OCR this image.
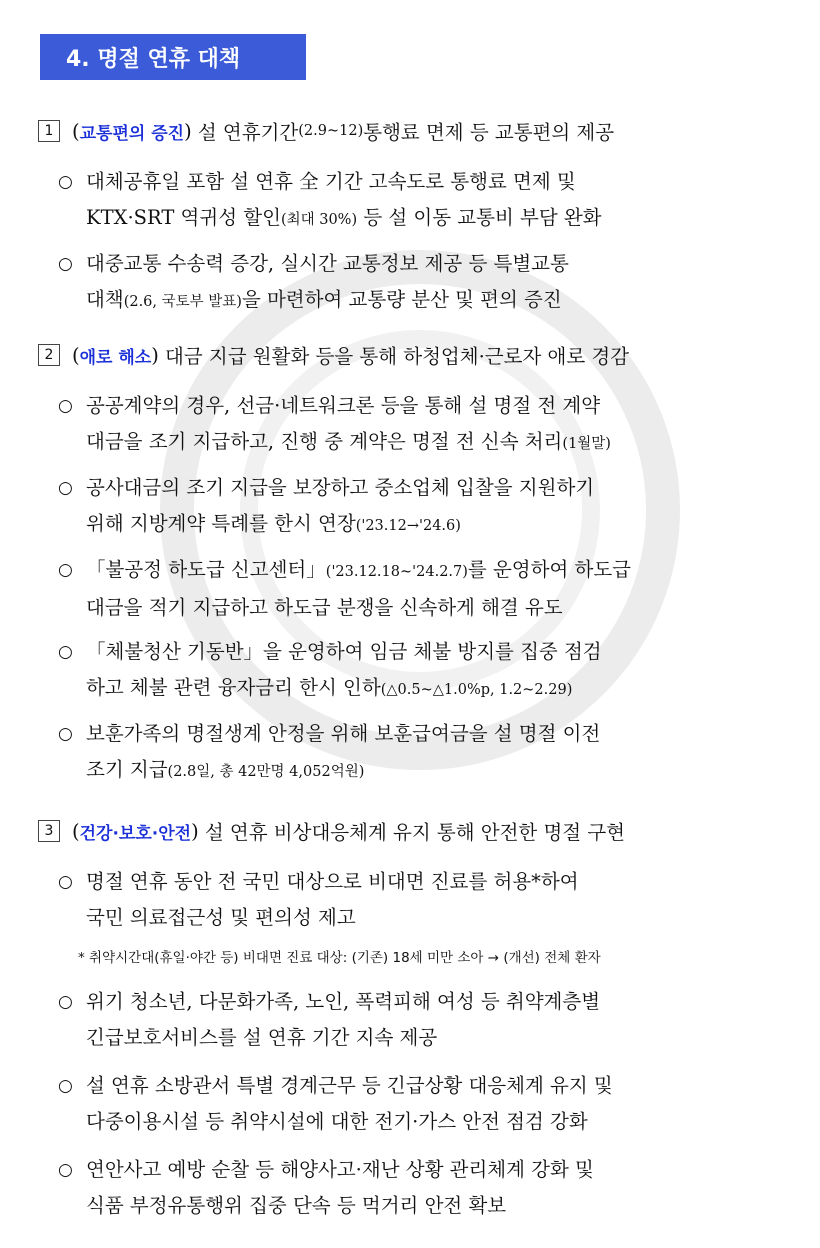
4. 명절 연휴 대책
1 ( 교통편의 증진 ) 설 연휴기간 (2.9~12) 통행료 면제 등 교통편의 제공
○ 대체공휴일 포함 설 연휴 全 기간 고속도로 통행료 면제 및
KTX·SRT 역귀성 할인(최대 30%) 등 설 이동 교통비 부담 완화
○ 대중교통 수송력 증강, 실시간 교통정보 제공 등 특별교통
대책(2.6, 국토부 발표)을 마련하여 교통량 분산 및 편의 증진
2 ( 애로 해소 ) 대금 지급 원활화 등을 통해 하청업체·근로자 애로 경감
○ 공공계약의 경우, 선금·네트워크론 등을 통해 설 명절 전 계약
대금을 조기 지급하고, 진행 중 계약은 명절 전 신속 처리(1월말)
○ 공사대금의 조기 지급을 보장하고 중소업체 입찰을 지원하기
위해 지방계약 특례를 한시 연장('23.12→'24.6)
○ 「불공정 하도급 신고센터」('23.12.18~'24.2.7)를 운영하여 하도급
대금을 적기 지급하고 하도급 분쟁을 신속하게 해결 유도
○ 「체불청산 기동반」을 운영하여 임금 체불 방지를 집중 점검
하고 체불 관련 융자금리 한시 인하(△0.5~△1.0%p, 1.2~2.29)
○ 보훈가족의 명절생계 안정을 위해 보훈급여금을 설 명절 이전
조기 지급(2.8일, 총 42만명 4,052억원)
3 ( 건강·보호·안전 ) 설 연휴 비상대응체계 유지 통해 안전한 명절 구현
○ 명절 연휴 동안 전 국민 대상으로 비대면 진료를 허용*하여
국민 의료접근성 및 편의성 제고
* 취약시간대(휴일·야간 등) 비대면 진료 대상: (기존) 18세 미만 소아 → (개선) 전체 환자
○ 위기 청소년, 다문화가족, 노인, 폭력피해 여성 등 취약계층별
긴급보호서비스를 설 연휴 기간 지속 제공
○ 설 연휴 소방관서 특별 경계근무 등 긴급상황 대응체계 유지 및
다중이용시설 등 취약시설에 대한 전기·가스 안전 점검 강화
○ 연안사고 예방 순찰 등 해양사고·재난 상황 관리체계 강화 및
식품 부정유통행위 집중 단속 등 먹거리 안전 확보
